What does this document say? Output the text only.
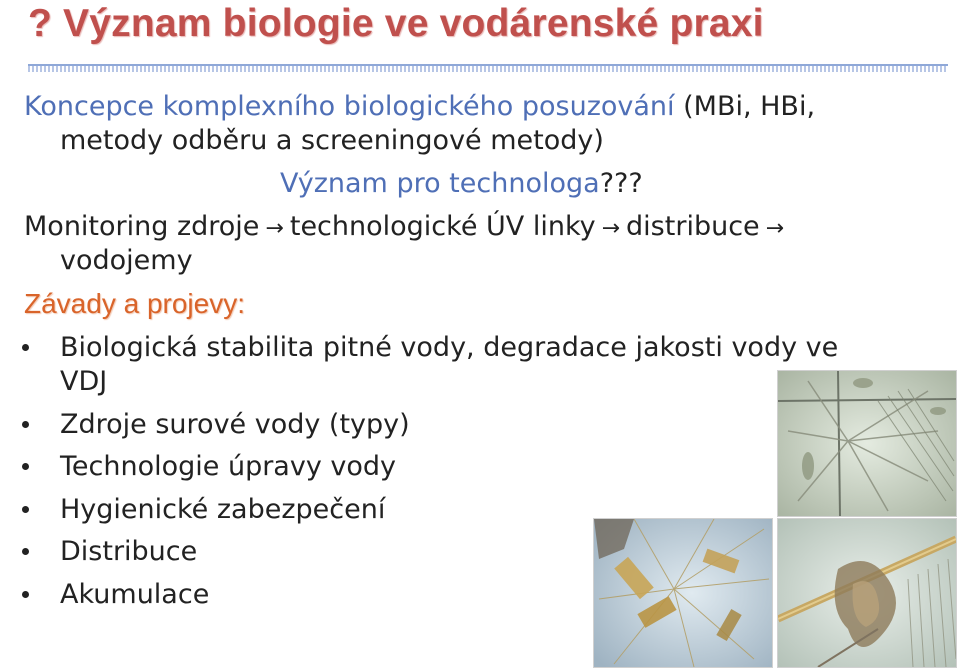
? Význam biologie ve vodárenské praxi
Koncepce komplexního biologického posuzování (MBi, HBi,
metody odběru a screeningové metody)
Význam pro technologa???
Monitoring zdroje → technologické ÚV linky → distribuce →
vodojemy
Závady a projevy:
Biologická stabilita pitné vody, degradace jakosti vody ve
VDJ
Zdroje surové vody (typy)
Technologie úpravy vody
Hygienické zabezpečení
Distribuce
Akumulace
